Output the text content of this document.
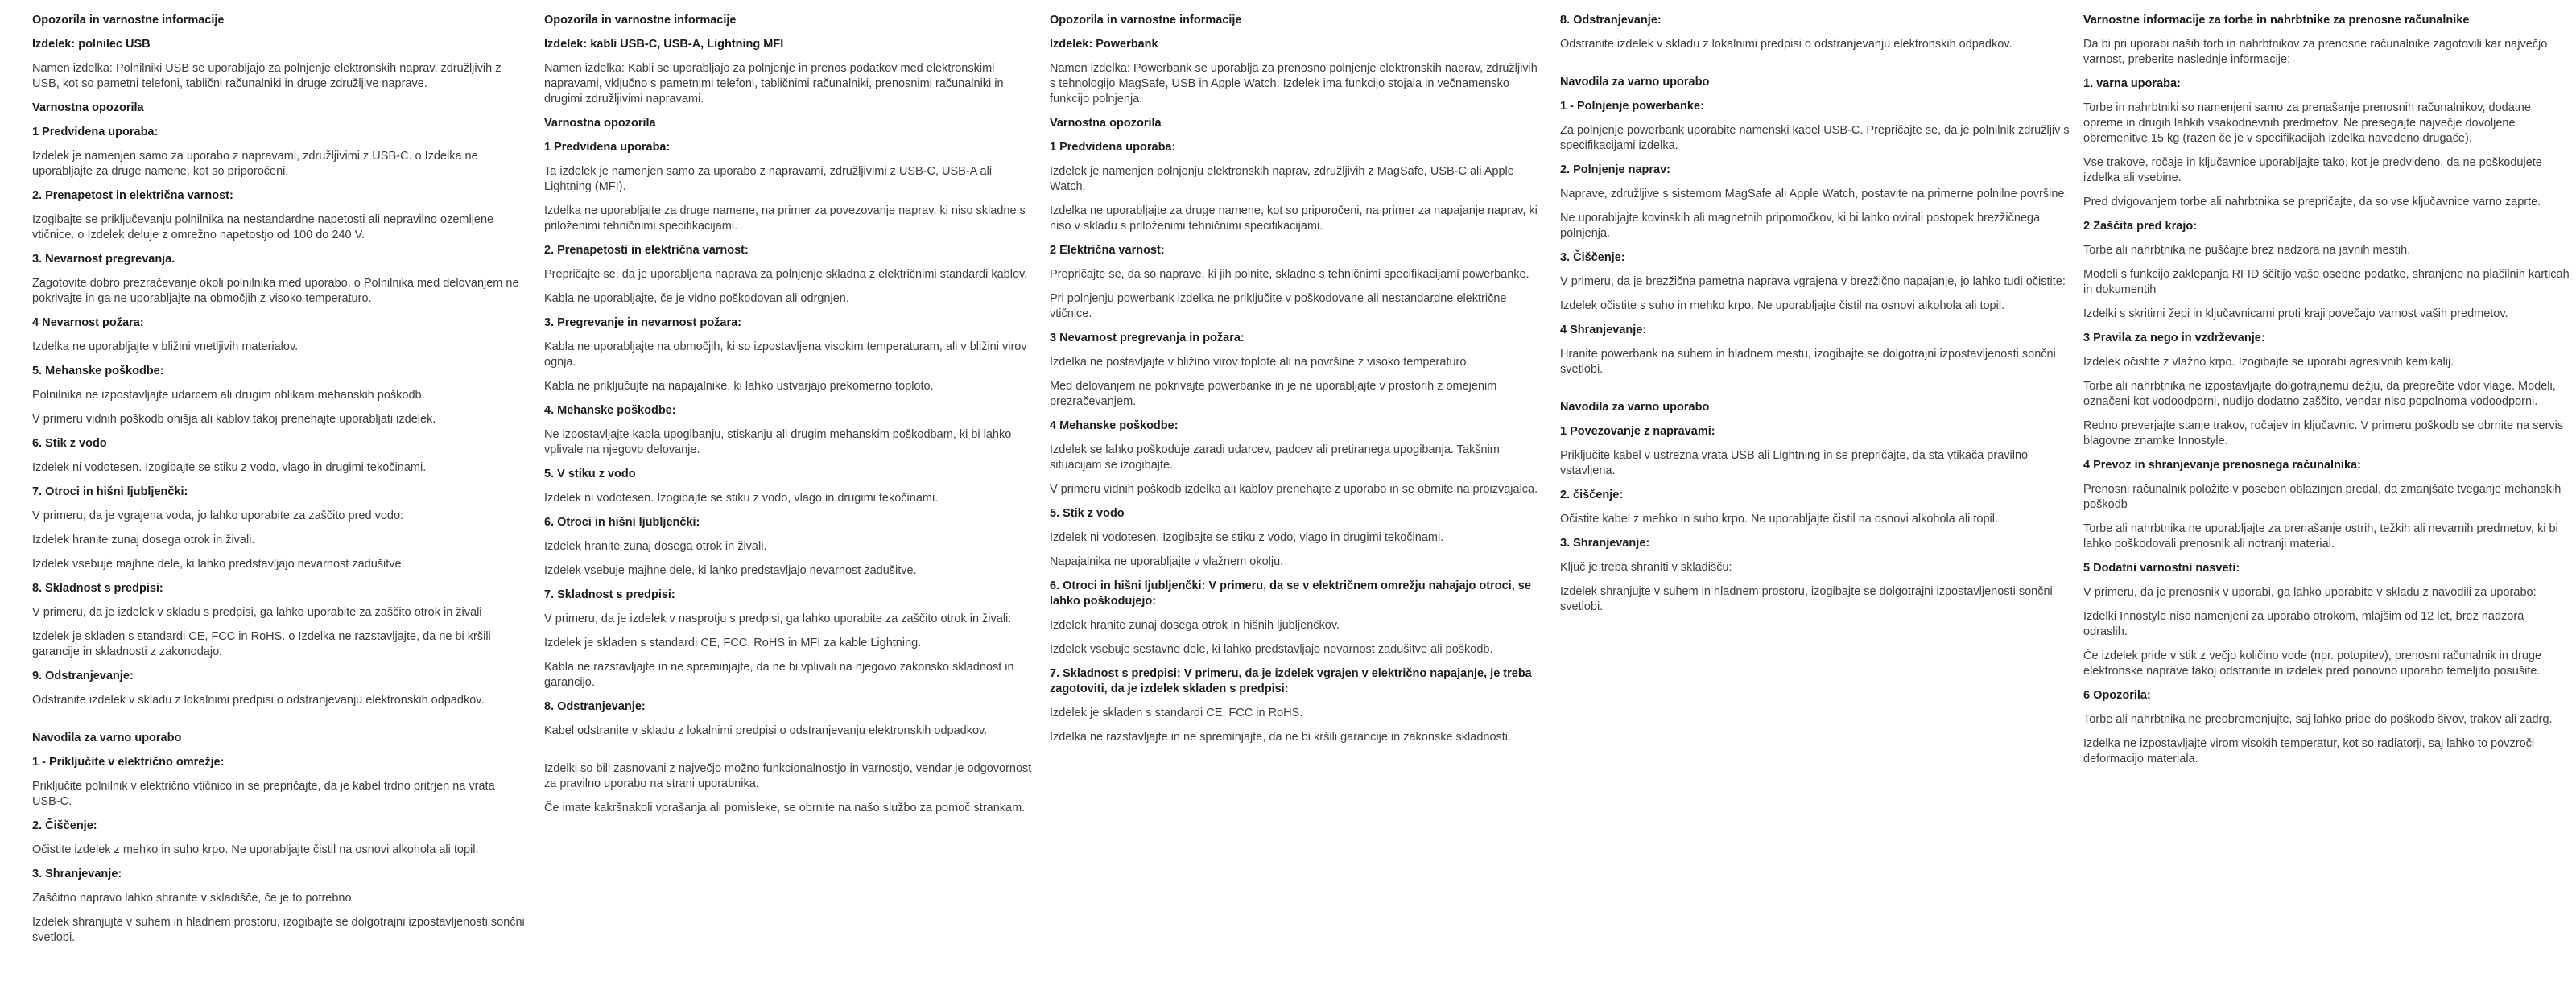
Opozorila in varnostne informacije
Izdelek: polnilec USB
Namen izdelka: Polnilniki USB se uporabljajo za polnjenje elektronskih naprav, združljivih z USB, kot so pametni telefoni, tablični računalniki in druge združljive naprave.
Varnostna opozorila
1 Predvidena uporaba:
Izdelek je namenjen samo za uporabo z napravami, združljivimi z USB-C. o Izdelka ne uporabljajte za druge namene, kot so priporočeni.
2. Prenapetost in električna varnost:
Izogibajte se priključevanju polnilnika na nestandardne napetosti ali nepravilno ozemljene vtičnice. o Izdelek deluje z omrežno napetostjo od 100 do 240 V.
3. Nevarnost pregrevanja.
Zagotovite dobro prezračevanje okoli polnilnika med uporabo. o Polnilnika med delovanjem ne pokrivajte in ga ne uporabljajte na območjih z visoko temperaturo.
4 Nevarnost požara:
Izdelka ne uporabljajte v bližini vnetljivih materialov.
5. Mehanske poškodbe:
Polnilnika ne izpostavljajte udarcem ali drugim oblikam mehanskih poškodb.
V primeru vidnih poškodb ohišja ali kablov takoj prenehajte uporabljati izdelek.
6. Stik z vodo
Izdelek ni vodotesen. Izogibajte se stiku z vodo, vlago in drugimi tekočinami.
7. Otroci in hišni ljubljenčki:
V primeru, da je vgrajena voda, jo lahko uporabite za zaščito pred vodo:
Izdelek hranite zunaj dosega otrok in živali.
Izdelek vsebuje majhne dele, ki lahko predstavljajo nevarnost zadušitve.
8. Skladnost s predpisi:
V primeru, da je izdelek v skladu s predpisi, ga lahko uporabite za zaščito otrok in živali
Izdelek je skladen s standardi CE, FCC in RoHS. o Izdelka ne razstavljajte, da ne bi kršili garancije in skladnosti z zakonodajo.
9. Odstranjevanje:
Odstranite izdelek v skladu z lokalnimi predpisi o odstranjevanju elektronskih odpadkov.
Navodila za varno uporabo
1 - Priključite v električno omrežje:
Priključite polnilnik v električno vtičnico in se prepričajte, da je kabel trdno pritrjen na vrata USB-C.
2. Čiščenje:
Očistite izdelek z mehko in suho krpo. Ne uporabljajte čistil na osnovi alkohola ali topil.
3. Shranjevanje:
Zaščitno napravo lahko shranite v skladišče, če je to potrebno
Izdelek shranjujte v suhem in hladnem prostoru, izogibajte se dolgotrajni izpostavljenosti sončni svetlobi.
Opozorila in varnostne informacije
Izdelek: kabli USB-C, USB-A, Lightning MFI
Namen izdelka: Kabli se uporabljajo za polnjenje in prenos podatkov med elektronskimi napravami, vključno s pametnimi telefoni, tabličnimi računalniki, prenosnimi računalniki in drugimi združljivimi napravami.
Varnostna opozorila
1 Predvidena uporaba:
Ta izdelek je namenjen samo za uporabo z napravami, združljivimi z USB-C, USB-A ali Lightning (MFI).
Izdelka ne uporabljajte za druge namene, na primer za povezovanje naprav, ki niso skladne s priloženimi tehničnimi specifikacijami.
2. Prenapetosti in električna varnost:
Prepričajte se, da je uporabljena naprava za polnjenje skladna z električnimi standardi kablov.
Kabla ne uporabljajte, če je vidno poškodovan ali odrgnjen.
3. Pregrevanje in nevarnost požara:
Kabla ne uporabljajte na območjih, ki so izpostavljena visokim temperaturam, ali v bližini virov ognja.
Kabla ne priključujte na napajalnike, ki lahko ustvarjajo prekomerno toploto.
4. Mehanske poškodbe:
Ne izpostavljajte kabla upogibanju, stiskanju ali drugim mehanskim poškodbam, ki bi lahko vplivale na njegovo delovanje.
5. V stiku z vodo
Izdelek ni vodotesen. Izogibajte se stiku z vodo, vlago in drugimi tekočinami.
6. Otroci in hišni ljubljenčki:
Izdelek hranite zunaj dosega otrok in živali.
Izdelek vsebuje majhne dele, ki lahko predstavljajo nevarnost zadušitve.
7. Skladnost s predpisi:
V primeru, da je izdelek v nasprotju s predpisi, ga lahko uporabite za zaščito otrok in živali:
Izdelek je skladen s standardi CE, FCC, RoHS in MFI za kable Lightning.
Kabla ne razstavljajte in ne spreminjajte, da ne bi vplivali na njegovo zakonsko skladnost in garancijo.
8. Odstranjevanje:
Kabel odstranite v skladu z lokalnimi predpisi o odstranjevanju elektronskih odpadkov.
Izdelki so bili zasnovani z največjo možno funkcionalnostjo in varnostjo, vendar je odgovornost za pravilno uporabo na strani uporabnika.
Če imate kakršnakoli vprašanja ali pomisleke, se obrnite na našo službo za pomoč strankam.
Opozorila in varnostne informacije
Izdelek: Powerbank
Namen izdelka: Powerbank se uporablja za prenosno polnjenje elektronskih naprav, združljivih s tehnologijo MagSafe, USB in Apple Watch. Izdelek ima funkcijo stojala in večnamensko funkcijo polnjenja.
Varnostna opozorila
1 Predvidena uporaba:
Izdelek je namenjen polnjenju elektronskih naprav, združljivih z MagSafe, USB-C ali Apple Watch.
Izdelka ne uporabljajte za druge namene, kot so priporočeni, na primer za napajanje naprav, ki niso v skladu s priloženimi tehničnimi specifikacijami.
2 Električna varnost:
Prepričajte se, da so naprave, ki jih polnite, skladne s tehničnimi specifikacijami powerbanke.
Pri polnjenju powerbank izdelka ne priključite v poškodovane ali nestandardne električne vtičnice.
3 Nevarnost pregrevanja in požara:
Izdelka ne postavljajte v bližino virov toplote ali na površine z visoko temperaturo.
Med delovanjem ne pokrivajte powerbanke in je ne uporabljajte v prostorih z omejenim prezračevanjem.
4 Mehanske poškodbe:
Izdelek se lahko poškoduje zaradi udarcev, padcev ali pretiranega upogibanja. Takšnim situacijam se izogibajte.
V primeru vidnih poškodb izdelka ali kablov prenehajte z uporabo in se obrnite na proizvajalca.
5. Stik z vodo
Izdelek ni vodotesen. Izogibajte se stiku z vodo, vlago in drugimi tekočinami.
Napajalnika ne uporabljajte v vlažnem okolju.
6. Otroci in hišni ljubljenčki: V primeru, da se v električnem omrežju nahajajo otroci, se lahko poškodujejo:
Izdelek hranite zunaj dosega otrok in hišnih ljubljenčkov.
Izdelek vsebuje sestavne dele, ki lahko predstavljajo nevarnost zadušitve ali poškodb.
7. Skladnost s predpisi: V primeru, da je izdelek vgrajen v električno napajanje, je treba zagotoviti, da je izdelek skladen s predpisi:
Izdelek je skladen s standardi CE, FCC in RoHS.
Izdelka ne razstavljajte in ne spreminjajte, da ne bi kršili garancije in zakonske skladnosti.
8. Odstranjevanje:
Odstranite izdelek v skladu z lokalnimi predpisi o odstranjevanju elektronskih odpadkov.
Navodila za varno uporabo
1 - Polnjenje powerbanke:
Za polnjenje powerbank uporabite namenski kabel USB-C. Prepričajte se, da je polnilnik združljiv s specifikacijami izdelka.
2. Polnjenje naprav:
Naprave, združljive s sistemom MagSafe ali Apple Watch, postavite na primerne polnilne površine.
Ne uporabljajte kovinskih ali magnetnih pripomočkov, ki bi lahko ovirali postopek brezžičnega polnjenja.
3. Čiščenje:
V primeru, da je brezžična pametna naprava vgrajena v brezžično napajanje, jo lahko tudi očistite:
Izdelek očistite s suho in mehko krpo. Ne uporabljajte čistil na osnovi alkohola ali topil.
4 Shranjevanje:
Hranite powerbank na suhem in hladnem mestu, izogibajte se dolgotrajni izpostavljenosti sončni svetlobi.
Navodila za varno uporabo
1 Povezovanje z napravami:
Priključite kabel v ustrezna vrata USB ali Lightning in se prepričajte, da sta vtikača pravilno vstavljena.
2. čiščenje:
Očistite kabel z mehko in suho krpo. Ne uporabljajte čistil na osnovi alkohola ali topil.
3. Shranjevanje:
Ključ je treba shraniti v skladišču:
Izdelek shranjujte v suhem in hladnem prostoru, izogibajte se dolgotrajni izpostavljenosti sončni svetlobi.
Varnostne informacije za torbe in nahrbtnike za prenosne računalnike
Da bi pri uporabi naših torb in nahrbtnikov za prenosne računalnike zagotovili kar največjo varnost, preberite naslednje informacije:
1. varna uporaba:
Torbe in nahrbtniki so namenjeni samo za prenašanje prenosnih računalnikov, dodatne opreme in drugih lahkih vsakodnevnih predmetov. Ne presegajte največje dovoljene obremenitve 15 kg (razen če je v specifikacijah izdelka navedeno drugače).
Vse trakove, ročaje in ključavnice uporabljajte tako, kot je predvideno, da ne poškodujete izdelka ali vsebine.
Pred dvigovanjem torbe ali nahrbtnika se prepričajte, da so vse ključavnice varno zaprte.
2 Zaščita pred krajo:
Torbe ali nahrbtnika ne puščajte brez nadzora na javnih mestih.
Modeli s funkcijo zaklepanja RFID ščitijo vaše osebne podatke, shranjene na plačilnih karticah in dokumentih
Izdelki s skritimi žepi in ključavnicami proti kraji povečajo varnost vaših predmetov.
3 Pravila za nego in vzdrževanje:
Izdelek očistite z vlažno krpo. Izogibajte se uporabi agresivnih kemikalij.
Torbe ali nahrbtnika ne izpostavljajte dolgotrajnemu dežju, da preprečite vdor vlage. Modeli, označeni kot vodoodporni, nudijo dodatno zaščito, vendar niso popolnoma vodoodporni.
Redno preverjajte stanje trakov, ročajev in ključavnic. V primeru poškodb se obrnite na servis blagovne znamke Innostyle.
4 Prevoz in shranjevanje prenosnega računalnika:
Prenosni računalnik položite v poseben oblazinjen predal, da zmanjšate tveganje mehanskih poškodb
Torbe ali nahrbtnika ne uporabljajte za prenašanje ostrih, težkih ali nevarnih predmetov, ki bi lahko poškodovali prenosnik ali notranji material.
5 Dodatni varnostni nasveti:
V primeru, da je prenosnik v uporabi, ga lahko uporabite v skladu z navodili za uporabo:
Izdelki Innostyle niso namenjeni za uporabo otrokom, mlajšim od 12 let, brez nadzora odraslih.
Če izdelek pride v stik z večjo količino vode (npr. potopitev), prenosni računalnik in druge elektronske naprave takoj odstranite in izdelek pred ponovno uporabo temeljito posušite.
6 Opozorila:
Torbe ali nahrbtnika ne preobremenjujte, saj lahko pride do poškodb šivov, trakov ali zadrg.
Izdelka ne izpostavljajte virom visokih temperatur, kot so radiatorji, saj lahko to povzroči deformacijo materiala.
